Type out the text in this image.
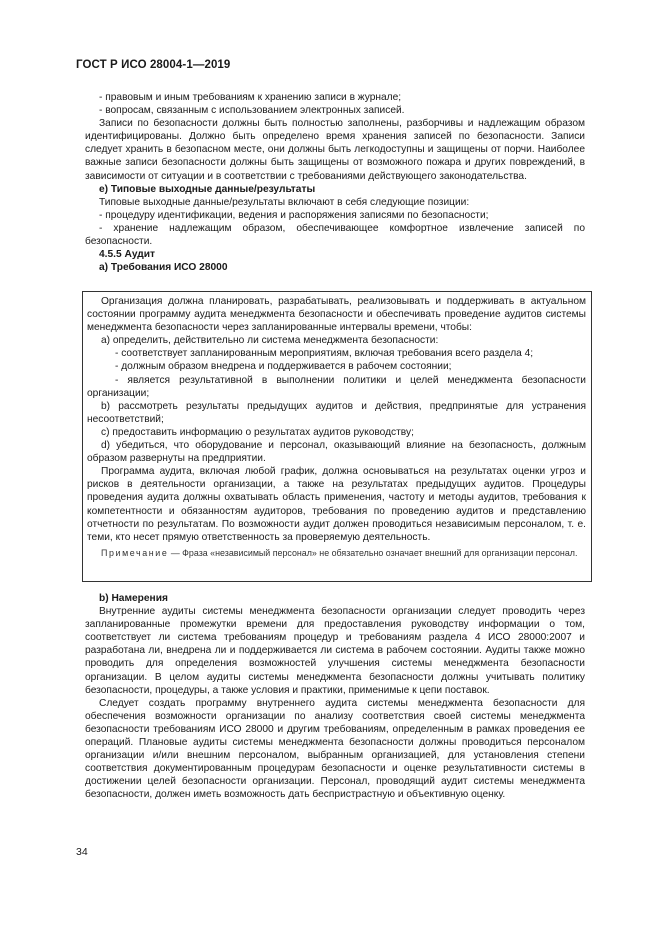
ГОСТ Р ИСО 28004-1—2019

- правовым и иным требованиям к хранению записи в журнале;

- вопросам, связанным с использованием электронных записей.

Записи по безопасности должны быть полностью заполнены, разборчивы и надлежащим образом идентифицированы. Должно быть определено время хранения записей по безопасности. Записи следует хранить в безопасном месте, они должны быть легкодоступны и защищены от порчи. Наиболее важные записи безопасности должны быть защищены от возможного пожара и других повреждений, в зависимости от ситуации и в соответствии с требованиями действующего законодательства.

е) Типовые выходные данные/результаты

Типовые выходные данные/результаты включают в себя следующие позиции:

- процедуру идентификации, ведения и распоряжения записями по безопасности;

- хранение надлежащим образом, обеспечивающее комфортное извлечение записей по безопасности.

4.5.5 Аудит

а) Требования ИСО 28000

Организация должна планировать, разрабатывать, реализовывать и поддерживать в актуальном состоянии программу аудита менеджмента безопасности и обеспечивать проведение аудитов системы менеджмента безопасности через запланированные интервалы времени, чтобы:

a) определить, действительно ли система менеджмента безопасности:

- соответствует запланированным мероприятиям, включая требования всего раздела 4;

- должным образом внедрена и поддерживается в рабочем состоянии;

- является результативной в выполнении политики и целей менеджмента безопасности организации;

b) рассмотреть результаты предыдущих аудитов и действия, предпринятые для устранения несоответствий;

c) предоставить информацию о результатах аудитов руководству;

d) убедиться, что оборудование и персонал, оказывающий влияние на безопасность, должным образом развернуты на предприятии.

Программа аудита, включая любой график, должна основываться на результатах оценки угроз и рисков в деятельности организации, а также на результатах предыдущих аудитов. Процедуры проведения аудита должны охватывать область применения, частоту и методы аудитов, требования к компетентности и обязанностям аудиторов, требования по проведению аудитов и представлению отчетности по результатам. По возможности аудит должен проводиться независимым персоналом, т. е. теми, кто несет прямую ответственность за проверяемую деятельность.

Примечание — Фраза «независимый персонал» не обязательно означает внешний для организации персонал.

b) Намерения

Внутренние аудиты системы менеджмента безопасности организации следует проводить через запланированные промежутки времени для предоставления руководству информации о том, соответствует ли система требованиям процедур и требованиям раздела 4 ИСО 28000:2007 и разработана ли, внедрена ли и поддерживается ли система в рабочем состоянии. Аудиты также можно проводить для определения возможностей улучшения системы менеджмента безопасности организации. В целом аудиты системы менеджмента безопасности должны учитывать политику безопасности, процедуры, а также условия и практики, применимые к цепи поставок.

Следует создать программу внутреннего аудита системы менеджмента безопасности для обеспечения возможности организации по анализу соответствия своей системы менеджмента безопасности требованиям ИСО 28000 и другим требованиям, определенным в рамках проведения ее операций. Плановые аудиты системы менеджмента безопасности должны проводиться персоналом организации и/или внешним персоналом, выбранным организацией, для установления степени соответствия документированным процедурам безопасности и оценке результативности системы в достижении целей безопасности организации. Персонал, проводящий аудит системы менеджмента безопасности, должен иметь возможность дать беспристрастную и объективную оценку.

34
